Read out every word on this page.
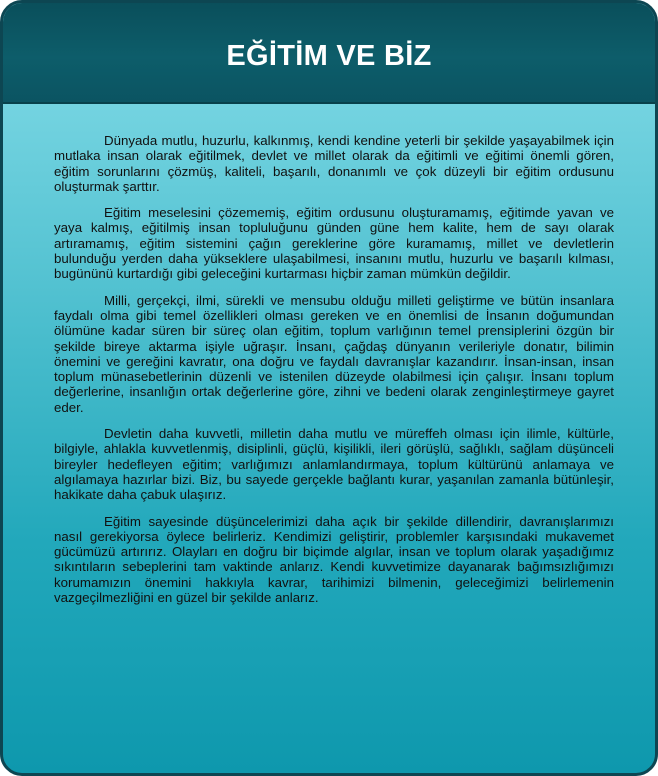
EĞİTİM VE BİZ

Dünyada mutlu, huzurlu, kalkınmış, kendi kendine yeterli bir şekilde yaşayabilmek için mutlaka insan olarak eğitilmek, devlet ve millet olarak da eğitimli ve eğitimi önemli gören, eğitim sorunlarını çözmüş, kaliteli, başarılı, donanımlı ve çok düzeyli bir eğitim ordusunu oluşturmak şarttır.

Eğitim meselesini çözememiş, eğitim ordusunu oluşturamamış, eğitimde yavan ve yaya kalmış, eğitilmiş insan topluluğunu günden güne hem kalite, hem de sayı olarak artıramamış, eğitim sistemini çağın gereklerine göre kuramamış, millet ve devletlerin bulunduğu yerden daha yükseklere ulaşabilmesi, insanını mutlu, huzurlu ve başarılı kılması, bugününü kurtardığı gibi geleceğini kurtarması hiçbir zaman mümkün değildir.

Milli, gerçekçi, ilmi, sürekli ve mensubu olduğu milleti geliştirme ve bütün insanlara faydalı olma gibi temel özellikleri olması gereken ve en önemlisi de İnsanın doğumundan ölümüne kadar süren bir süreç olan eğitim, toplum varlığının temel prensiplerini özgün bir şekilde bireye aktarma işiyle uğraşır. İnsanı, çağdaş dünyanın verileriyle donatır, bilimin önemini ve gereğini kavratır, ona doğru ve faydalı davranışlar kazandırır. İnsan-insan, insan toplum münasebetlerinin düzenli ve istenilen düzeyde olabilmesi için çalışır. İnsanı toplum değerlerine, insanlığın ortak değerlerine göre, zihni ve bedeni olarak zenginleştirmeye gayret eder.

Devletin daha kuvvetli, milletin daha mutlu ve müreffeh olması için ilimle, kültürle, bilgiyle, ahlakla kuvvetlenmiş, disiplinli, güçlü, kişilikli, ileri görüşlü, sağlıklı, sağlam düşünceli bireyler hedefleyen eğitim; varlığımızı anlamlandırmaya, toplum kültürünü anlamaya ve algılamaya hazırlar bizi. Biz, bu sayede gerçekle bağlantı kurar, yaşanılan zamanla bütünleşir, hakikate daha çabuk ulaşırız.

Eğitim sayesinde düşüncelerimizi daha açık bir şekilde dillendirir, davranışlarımızı nasıl gerekiyorsa öylece belirleriz. Kendimizi geliştirir, problemler karşısındaki mukavemet gücümüzü artırırız. Olayları en doğru bir biçimde algılar, insan ve toplum olarak yaşadığımız sıkıntıların sebeplerini tam vaktinde anlarız. Kendi kuvvetimize dayanarak bağımsızlığımızı korumamızın önemini hakkıyla kavrar, tarihimizi bilmenin, geleceğimizi belirlemenin vazgeçilmezliğini en güzel bir şekilde anlarız.
